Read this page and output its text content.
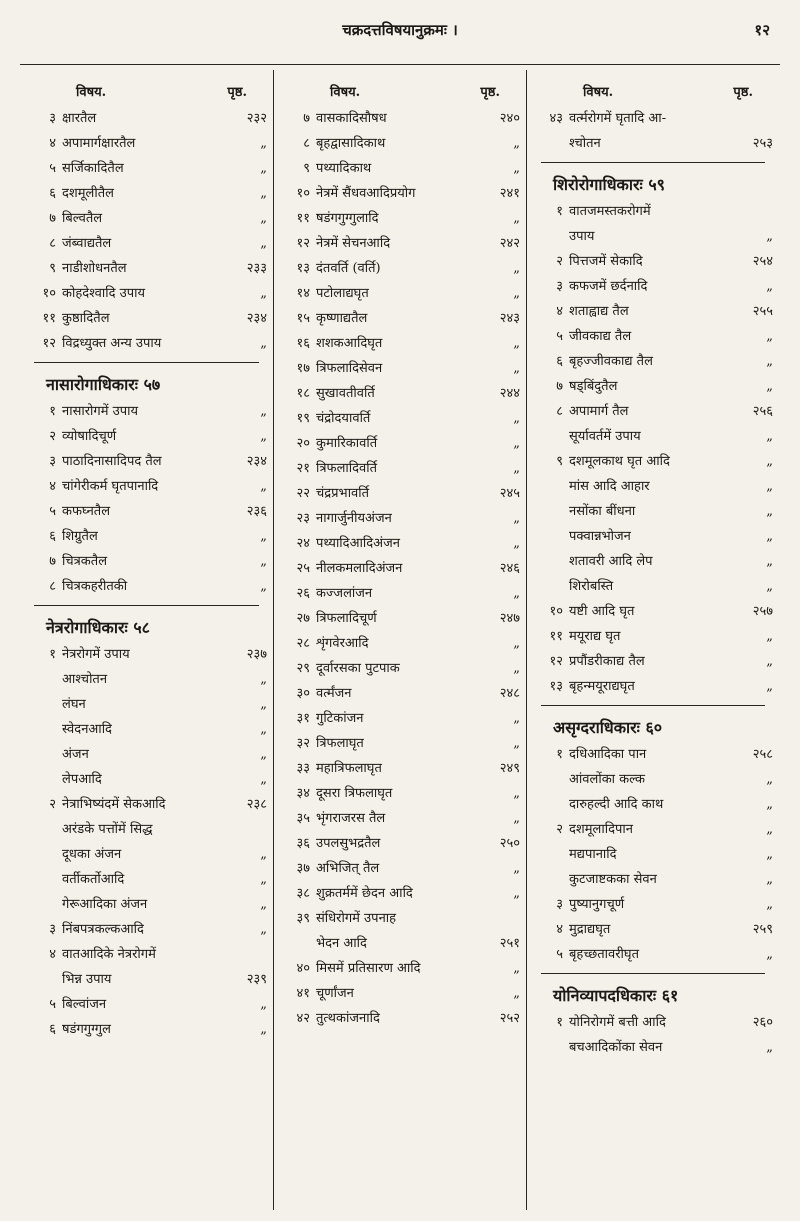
चक्रदत्तविषयानुक्रमः ।	१२
विषय.	पृष्ठ.
३ क्षारतैल	२३२
४ अपामार्गक्षारतैल	„
५ सर्जिकादितैल	„
६ दशमूलीतैल	„
७ बिल्वतैल	„
८ जंब्वाद्यतैल	„
९ नाडीशोधनतैल	२३३
१० कोहदेश्वादि उपाय	„
११ कुष्ठादितैल	२३४
१२ विद्रध्युक्त अन्य उपाय	„
नासारोगाधिकारः ५७
१ नासारोगमें उपाय	„
२ व्योषादिचूर्ण	„
३ पाठादिनासादिपद तैल	२३४
४ चांगेरीकर्म घृतपानादि	„
५ कफघ्नतैल	२३६
६ शिग्रुतैल	„
७ चित्रकतैल	„
८ चित्रकहरीतकी	„
नेत्ररोगाधिकारः ५८
१ नेत्ररोगमें उपाय	२३७
आश्चोतन	„
लंघन	„
स्वेदनआदि	„
अंजन	„
लेपआदि	„
२ नेत्राभिष्यंदमें सेकआदि	२३८
अरंडके पत्तोंमें सिद्ध
दूधका अंजन	„
वर्तीकर्तोआदि	„
गेरूआदिका अंजन	„
३ निंबपत्रकल्कआदि	„
४ वातआदिके नेत्ररोगमें
भिन्न उपाय	२३९
५ बिल्वांजन	„
६ षडंगगुग्गुल	„
विषय.	पृष्ठ.
७ वासकादिसौषध	२४०
८ बृहद्वासादिकाथ	„
९ पथ्यादिकाथ	„
१० नेत्रमें सैंधवआदिप्रयोग	२४१
११ षडंगगुग्गुलादि	„
१२ नेत्रमें सेचनआदि	२४२
१३ दंतवर्ति (वर्ति)	„
१४ पटोलाद्यघृत	„
१५ कृष्णाद्यतैल	२४३
१६ शशकआदिघृत	„
१७ त्रिफलादिसेवन	„
१८ सुखावतीवर्ति	२४४
१९ चंद्रोदयावर्ति	„
२० कुमारिकावर्ति	„
२१ त्रिफलादिवर्ति	„
२२ चंद्रप्रभावर्ति	२४५
२३ नागार्जुनीयअंजन	„
२४ पथ्यादिआदिअंजन	„
२५ नीलकमलादिअंजन	२४६
२६ कज्जलांजन	„
२७ त्रिफलादिचूर्ण	२४७
२८ शृंगवेरआदि	„
२९ दूर्वारसका पुटपाक	„
३० वर्त्मंजन	२४८
३१ गुटिकांजन	„
३२ त्रिफलाघृत	„
३३ महात्रिफलाघृत	२४९
३४ दूसरा त्रिफलाघृत	„
३५ भृंगराजरस तैल	„
३६ उपलसुभद्रतैल	२५०
३७ अभिजित् तैल	„
३८ शुक्रतर्ममें छेदन आदि	„
३९ संधिरोगमें उपनाह
भेदन आदि	२५१
४० मिसमें प्रतिसारण आदि	„
४१ चूर्णांजन	„
४२ तुत्थकांजनादि	२५२
विषय.	पृष्ठ.
४३ वर्त्मरोगमें घृतादि आ-
श्चोतन	२५३
शिरोरोगाधिकारः ५९
१ वातजमस्तकरोगमें
उपाय	„
२ पित्तजमें सेकादि	२५४
३ कफजमें छर्दनादि	„
४ शताह्वाद्य तैल	२५५
५ जीवकाद्य तैल	„
६ बृहज्जीवकाद्य तैल	„
७ षड्बिंदुतैल	„
८ अपामार्ग तैल	२५६
सूर्यावर्तमें उपाय	„
९ दशमूलकाथ घृत आदि	„
मांस आदि आहार	„
नसोंका बींधना	„
पक्वान्नभोजन	„
शतावरी आदि लेप	„
शिरोबस्ति	„
१० यष्टी आदि घृत	२५७
११ मयूराद्य घृत	„
१२ प्रपौंडरीकाद्य तैल	„
१३ बृहन्मयूराद्यघृत	„
असृग्दराधिकारः ६०
१ दधिआदिका पान	२५८
आंवलोंका कल्क	„
दारुहल्दी आदि काथ	„
२ दशमूलादिपान	„
मद्यपानादि	„
कुटजाष्टकका सेवन	„
३ पुष्यानुगचूर्ण	„
४ मुद्राद्यघृत	२५९
५ बृहच्छतावरीघृत	„
योनिव्यापदधिकारः ६१
१ योनिरोगमें बत्ती आदि	२६०
बचआदिकोंका सेवन	„
